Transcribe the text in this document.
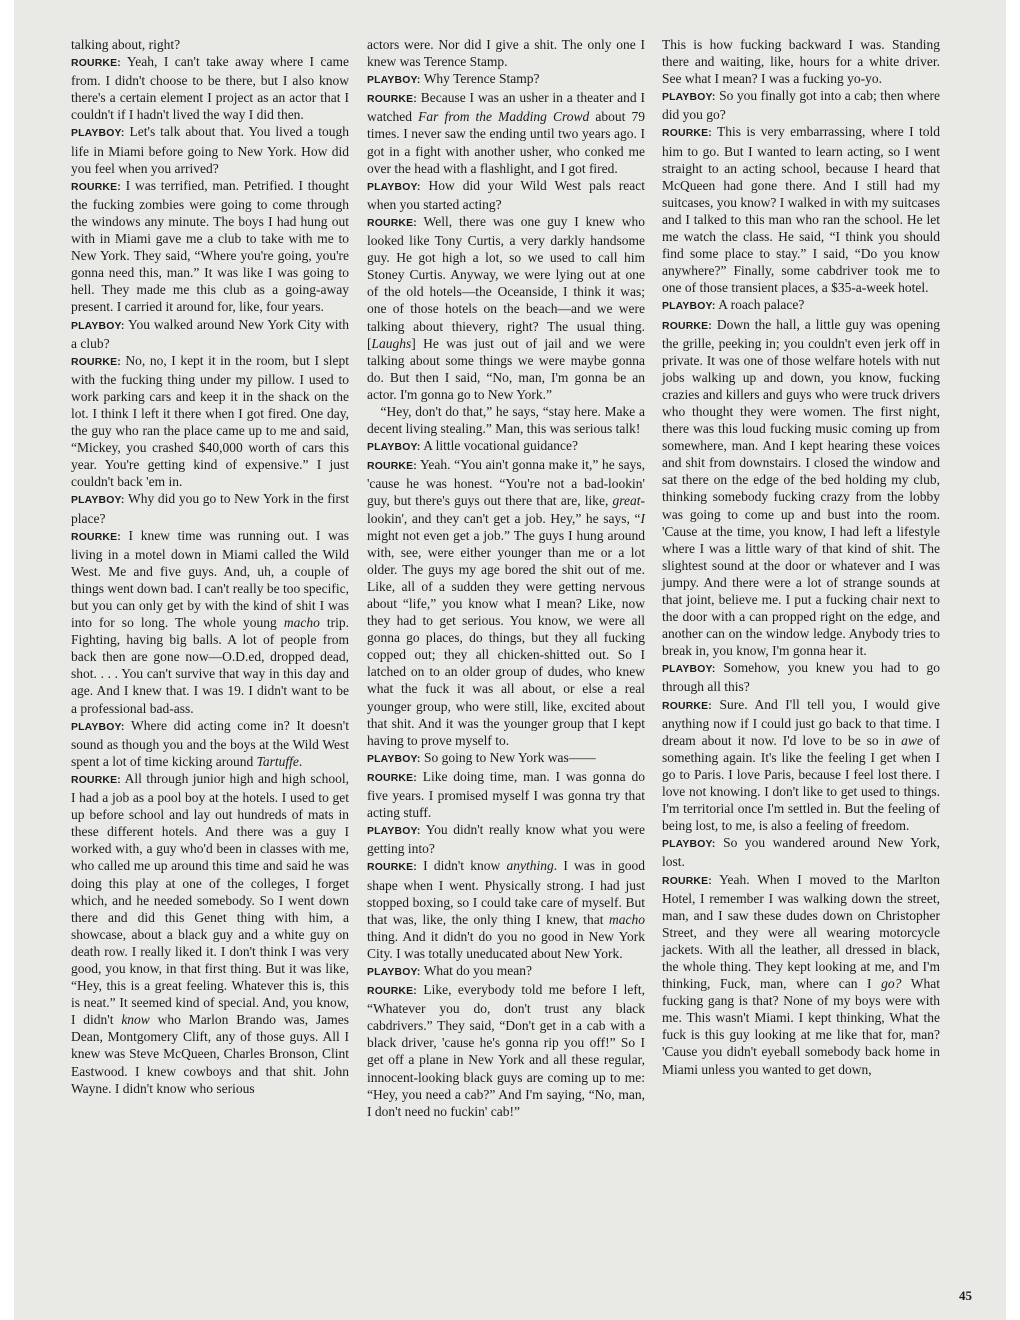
talking about, right?

ROURKE: Yeah, I can't take away where I came from. I didn't choose to be there, but I also know there's a certain element I project as an actor that I couldn't if I hadn't lived the way I did then.

PLAYBOY: Let's talk about that. You lived a tough life in Miami before going to New York. How did you feel when you arrived?

ROURKE: I was terrified, man. Petrified. I thought the fucking zombies were going to come through the windows any minute. The boys I had hung out with in Miami gave me a club to take with me to New York. They said, “Where you're going, you're gonna need this, man.” It was like I was going to hell. They made me this club as a going-away present. I carried it around for, like, four years.

PLAYBOY: You walked around New York City with a club?

ROURKE: No, no, I kept it in the room, but I slept with the fucking thing under my pillow. I used to work parking cars and keep it in the shack on the lot. I think I left it there when I got fired. One day, the guy who ran the place came up to me and said, “Mickey, you crashed $40,000 worth of cars this year. You're getting kind of expensive.” I just couldn't back 'em in.

PLAYBOY: Why did you go to New York in the first place?

ROURKE: I knew time was running out. I was living in a motel down in Miami called the Wild West. Me and five guys. And, uh, a couple of things went down bad. I can't really be too specific, but you can only get by with the kind of shit I was into for so long. The whole young macho trip. Fighting, having big balls. A lot of people from back then are gone now—O.D.ed, dropped dead, shot. . . . You can't survive that way in this day and age. And I knew that. I was 19. I didn't want to be a professional bad-ass.

PLAYBOY: Where did acting come in? It doesn't sound as though you and the boys at the Wild West spent a lot of time kicking around Tartuffe.

ROURKE: All through junior high and high school, I had a job as a pool boy at the hotels. I used to get up before school and lay out hundreds of mats in these different hotels. And there was a guy I worked with, a guy who'd been in classes with me, who called me up around this time and said he was doing this play at one of the colleges, I forget which, and he needed somebody. So I went down there and did this Genet thing with him, a showcase, about a black guy and a white guy on death row. I really liked it. I don't think I was very good, you know, in that first thing. But it was like, “Hey, this is a great feeling. Whatever this is, this is neat.” It seemed kind of special. And, you know, I didn't know who Marlon Brando was, James Dean, Montgomery Clift, any of those guys. All I knew was Steve McQueen, Charles Bronson, Clint Eastwood. I knew cowboys and that shit. John Wayne. I didn't know who serious

actors were. Nor did I give a shit. The only one I knew was Terence Stamp.

PLAYBOY: Why Terence Stamp?

ROURKE: Because I was an usher in a theater and I watched Far from the Madding Crowd about 79 times. I never saw the ending until two years ago. I got in a fight with another usher, who conked me over the head with a flashlight, and I got fired.

PLAYBOY: How did your Wild West pals react when you started acting?

ROURKE: Well, there was one guy I knew who looked like Tony Curtis, a very darkly handsome guy. He got high a lot, so we used to call him Stoney Curtis. Anyway, we were lying out at one of the old hotels—the Oceanside, I think it was; one of those hotels on the beach—and we were talking about thievery, right? The usual thing. [Laughs] He was just out of jail and we were talking about some things we were maybe gonna do. But then I said, “No, man, I'm gonna be an actor. I'm gonna go to New York.”

 “Hey, don't do that,” he says, “stay here. Make a decent living stealing.” Man, this was serious talk!

PLAYBOY: A little vocational guidance?

ROURKE: Yeah. “You ain't gonna make it,” he says, 'cause he was honest. “You're not a bad-lookin' guy, but there's guys out there that are, like, great-lookin', and they can't get a job. Hey,” he says, “I might not even get a job.” The guys I hung around with, see, were either younger than me or a lot older. The guys my age bored the shit out of me. Like, all of a sudden they were getting nervous about “life,” you know what I mean? Like, now they had to get serious. You know, we were all gonna go places, do things, but they all fucking copped out; they all chicken-shitted out. So I latched on to an older group of dudes, who knew what the fuck it was all about, or else a real younger group, who were still, like, excited about that shit. And it was the younger group that I kept having to prove myself to.

PLAYBOY: So going to New York was——

ROURKE: Like doing time, man. I was gonna do five years. I promised myself I was gonna try that acting stuff.

PLAYBOY: You didn't really know what you were getting into?

ROURKE: I didn't know anything. I was in good shape when I went. Physically strong. I had just stopped boxing, so I could take care of myself. But that was, like, the only thing I knew, that macho thing. And it didn't do you no good in New York City. I was totally uneducated about New York.

PLAYBOY: What do you mean?

ROURKE: Like, everybody told me before I left, “Whatever you do, don't trust any black cabdrivers.” They said, “Don't get in a cab with a black driver, 'cause he's gonna rip you off!” So I get off a plane in New York and all these regular, innocent-looking black guys are coming up to me: “Hey, you need a cab?” And I'm saying, “No, man, I don't need no fuckin' cab!”

This is how fucking backward I was. Standing there and waiting, like, hours for a white driver. See what I mean? I was a fucking yo-yo.

PLAYBOY: So you finally got into a cab; then where did you go?

ROURKE: This is very embarrassing, where I told him to go. But I wanted to learn acting, so I went straight to an acting school, because I heard that McQueen had gone there. And I still had my suitcases, you know? I walked in with my suitcases and I talked to this man who ran the school. He let me watch the class. He said, “I think you should find some place to stay.” I said, “Do you know anywhere?” Finally, some cabdriver took me to one of those transient places, a $35-a-week hotel.

PLAYBOY: A roach palace?

ROURKE: Down the hall, a little guy was opening the grille, peeking in; you couldn't even jerk off in private. It was one of those welfare hotels with nut jobs walking up and down, you know, fucking crazies and killers and guys who were truck drivers who thought they were women. The first night, there was this loud fucking music coming up from somewhere, man. And I kept hearing these voices and shit from downstairs. I closed the window and sat there on the edge of the bed holding my club, thinking somebody fucking crazy from the lobby was going to come up and bust into the room. 'Cause at the time, you know, I had left a lifestyle where I was a little wary of that kind of shit. The slightest sound at the door or whatever and I was jumpy. And there were a lot of strange sounds at that joint, believe me. I put a fucking chair next to the door with a can propped right on the edge, and another can on the window ledge. Anybody tries to break in, you know, I'm gonna hear it.

PLAYBOY: Somehow, you knew you had to go through all this?

ROURKE: Sure. And I'll tell you, I would give anything now if I could just go back to that time. I dream about it now. I'd love to be so in awe of something again. It's like the feeling I get when I go to Paris. I love Paris, because I feel lost there. I love not knowing. I don't like to get used to things. I'm territorial once I'm settled in. But the feeling of being lost, to me, is also a feeling of freedom.

PLAYBOY: So you wandered around New York, lost.

ROURKE: Yeah. When I moved to the Marlton Hotel, I remember I was walking down the street, man, and I saw these dudes down on Christopher Street, and they were all wearing motorcycle jackets. With all the leather, all dressed in black, the whole thing. They kept looking at me, and I'm thinking, Fuck, man, where can I go? What fucking gang is that? None of my boys were with me. This wasn't Miami. I kept thinking, What the fuck is this guy looking at me like that for, man? 'Cause you didn't eyeball somebody back home in Miami unless you wanted to get down,

45
